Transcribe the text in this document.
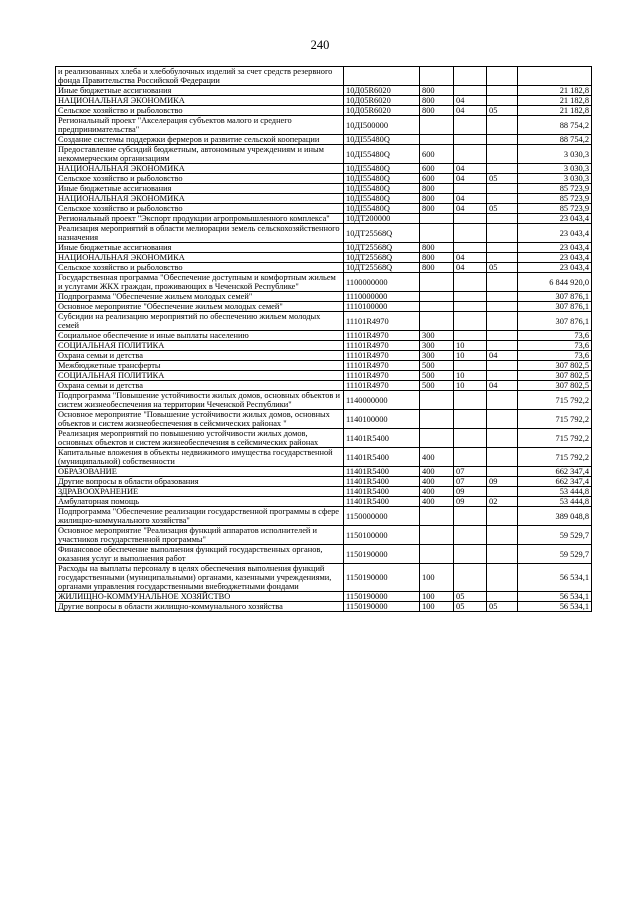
240
и реализованных хлеба и хлебобулочных изделий за счет средств резервного фонда Правительства Российской Федерации					
Иные бюджетные ассигнования	10Д05R6020	800			21 182,8
НАЦИОНАЛЬНАЯ ЭКОНОМИКА	10Д05R6020	800	04		21 182,8
Сельское хозяйство и рыболовство	10Д05R6020	800	04	05	21 182,8
Региональный проект "Акселерация субъектов малого и среднего предпринимательства"	10ДI500000				88 754,2
Создание системы поддержки фермеров и развитие сельской кооперации	10ДI55480Q				88 754,2
Предоставление субсидий бюджетным, автономным учреждениям и иным некоммерческим организациям	10ДI55480Q	600			3 030,3
НАЦИОНАЛЬНАЯ ЭКОНОМИКА	10ДI55480Q	600	04		3 030,3
Сельское хозяйство и рыболовство	10ДI55480Q	600	04	05	3 030,3
Иные бюджетные ассигнования	10ДI55480Q	800			85 723,9
НАЦИОНАЛЬНАЯ ЭКОНОМИКА	10ДI55480Q	800	04		85 723,9
Сельское хозяйство и рыболовство	10ДI55480Q	800	04	05	85 723,9
Региональный проект "Экспорт продукции агропромышленного комплекса"	10ДТ200000				23 043,4
Реализация мероприятий в области мелиорации земель сельскохозяйственного назначения	10ДТ25568Q				23 043,4
Иные бюджетные ассигнования	10ДТ25568Q	800			23 043,4
НАЦИОНАЛЬНАЯ ЭКОНОМИКА	10ДТ25568Q	800	04		23 043,4
Сельское хозяйство и рыболовство	10ДТ25568Q	800	04	05	23 043,4
Государственная программа "Обеспечение доступным и комфортным жильем и услугами ЖКХ граждан, проживающих в Чеченской Республике"	1100000000				6 844 920,0
Подпрограмма "Обеспечение жильем молодых семей"	1110000000				307 876,1
Основное мероприятие "Обеспечение жильем молодых семей"	1110100000				307 876,1
Субсидии на реализацию мероприятий по обеспечению жильем молодых семей	11101R4970				307 876,1
Социальное обеспечение и иные выплаты населению	11101R4970	300			73,6
СОЦИАЛЬНАЯ ПОЛИТИКА	11101R4970	300	10		73,6
Охрана семьи и детства	11101R4970	300	10	04	73,6
Межбюджетные трансферты	11101R4970	500			307 802,5
СОЦИАЛЬНАЯ ПОЛИТИКА	11101R4970	500	10		307 802,5
Охрана семьи и детства	11101R4970	500	10	04	307 802,5
Подпрограмма "Повышение устойчивости жилых домов, основных объектов и систем жизнеобеспечения на территории Чеченской Республики"	1140000000				715 792,2
Основное мероприятие "Повышение устойчивости жилых домов, основных объектов и систем жизнеобеспечения в сейсмических районах "	1140100000				715 792,2
Реализация мероприятий по повышению устойчивости жилых домов, основных объектов и систем жизнеобеспечения в сейсмических районах	11401R5400				715 792,2
Капитальные вложения в объекты недвижимого имущества государственной (муниципальной) собственности	11401R5400	400			715 792,2
ОБРАЗОВАНИЕ	11401R5400	400	07		662 347,4
Другие вопросы в области образования	11401R5400	400	07	09	662 347,4
ЗДРАВООХРАНЕНИЕ	11401R5400	400	09		53 444,8
Амбулаторная помощь	11401R5400	400	09	02	53 444,8
Подпрограмма "Обеспечение реализации государственной программы в сфере жилищно-коммунального хозяйства"	1150000000				389 048,8
Основное мероприятие "Реализация функций аппаратов исполнителей и участников государственной программы"	1150100000				59 529,7
Финансовое обеспечение выполнения функций государственных органов, оказания услуг и выполнения работ	1150190000				59 529,7
Расходы на выплаты персоналу в целях обеспечения выполнения функций государственными (муниципальными) органами, казенными учреждениями, органами управления государственными внебюджетными фондами	1150190000	100			56 534,1
ЖИЛИЩНО-КОММУНАЛЬНОЕ ХОЗЯЙСТВО	1150190000	100	05		56 534,1
Другие вопросы в области жилищно-коммунального хозяйства	1150190000	100	05	05	56 534,1
